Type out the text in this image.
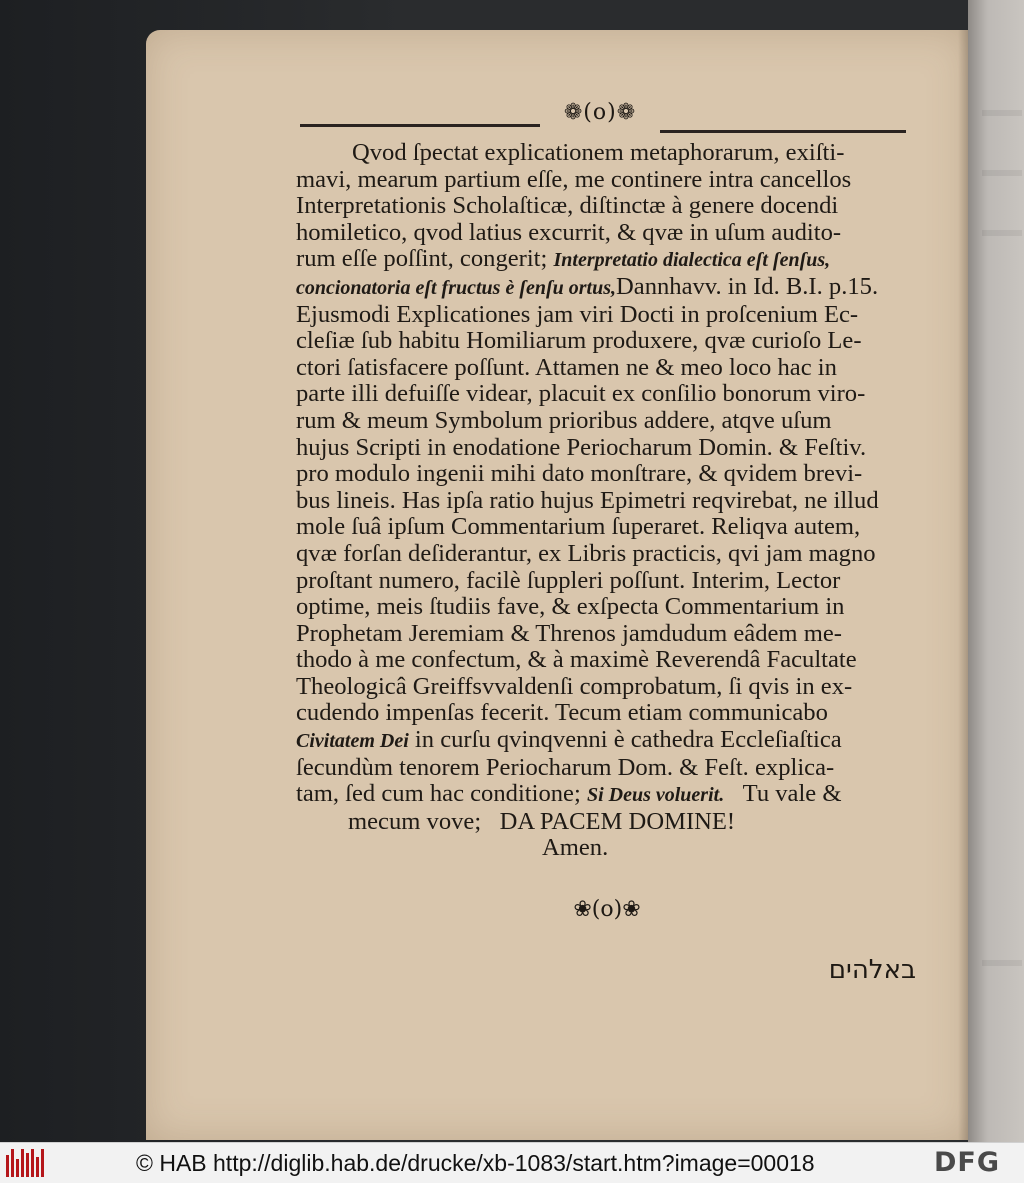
❁(o)❁
Qvod ſpectat explicationem metaphorarum, exiſti-
mavi, mearum partium eſſe, me continere intra cancellos
Interpretationis Scholaſticæ, diſtinctæ à genere docendi
homiletico, qvod latius excurrit, & qvæ in uſum audito-
rum eſſe poſſint, congerit; Interpretatio dialectica eſt ſenſus,
concionatoria eſt fructus è ſenſu ortus,Dannhavv. in Id. B.I. p.15.
Ejusmodi Explicationes jam viri Docti in proſcenium Ec-
cleſiæ ſub habitu Homiliarum produxere, qvæ curioſo Le-
ctori ſatisfacere poſſunt. Attamen ne & meo loco hac in
parte illi defuiſſe videar, placuit ex conſilio bonorum viro-
rum & meum Symbolum prioribus addere, atqve uſum
hujus Scripti in enodatione Periocharum Domin. & Feſtiv.
pro modulo ingenii mihi dato monſtrare, & qvidem brevi-
bus lineis. Has ipſa ratio hujus Epimetri reqvirebat, ne illud
mole ſuâ ipſum Commentarium ſuperaret. Reliqva autem,
qvæ forſan deſiderantur, ex Libris practicis, qvi jam magno
proſtant numero, facilè ſuppleri poſſunt. Interim, Lector
optime, meis ſtudiis fave, & exſpecta Commentarium in
Prophetam Jeremiam & Threnos jamdudum eâdem me-
thodo à me confectum, & à maximè Reverendâ Facultate
Theologicâ Greiffsvvaldenſi comprobatum, ſi qvis in ex-
cudendo impenſas fecerit. Tecum etiam communicabo
Civitatem Dei in curſu qvinqvenni è cathedra Eccleſiaſtica
ſecundùm tenorem Periocharum Dom. & Feſt. explica-
tam, ſed cum hac conditione; Si Deus voluerit. Tu vale &
mecum vove;   DA PACEM DOMINE!
Amen.
❀(o)❀
באלהים
© HAB http://diglib.hab.de/drucke/xb-1083/start.htm?image=00018	DFG
